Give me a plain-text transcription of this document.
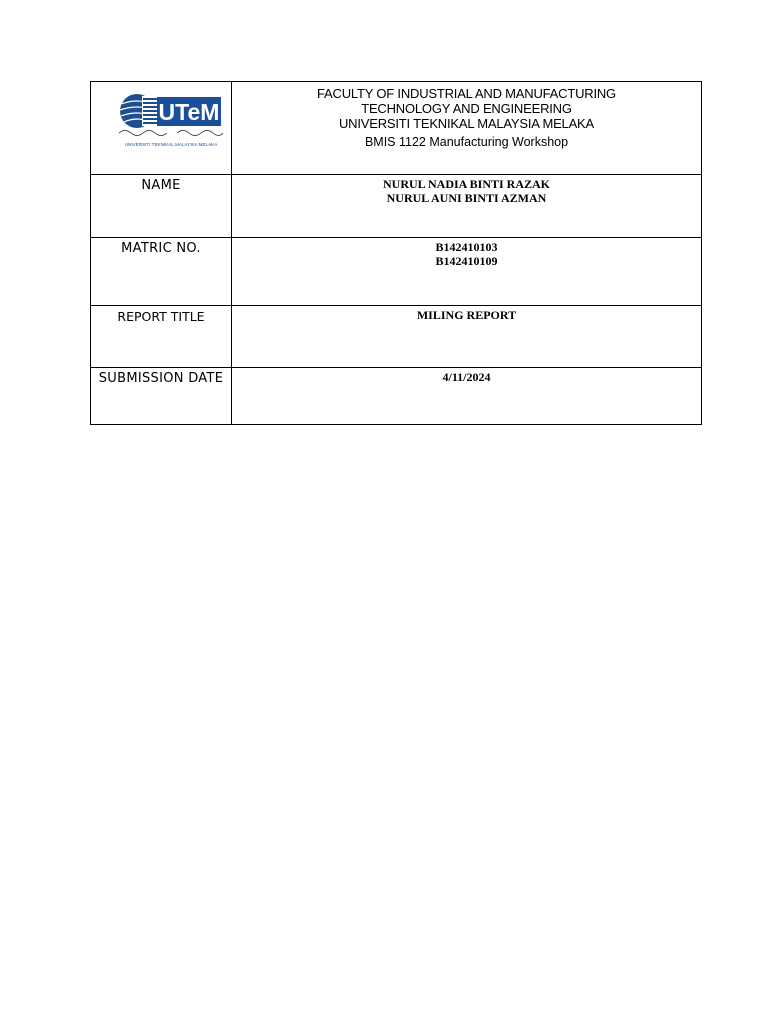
UTeM
UNIVERSITI TEKNIKAL MALAYSIA MELAKA	FACULTY OF INDUSTRIAL AND MANUFACTURING
TECHNOLOGY AND ENGINEERING
UNIVERSITI TEKNIKAL MALAYSIA MELAKA
BMIS 1122 Manufacturing Workshop

NAME	NURUL NADIA BINTI RAZAK
NURUL AUNI BINTI AZMAN

MATRIC NO.	B142410103
B142410109

REPORT TITLE	MILING REPORT

SUBMISSION DATE	4/11/2024
